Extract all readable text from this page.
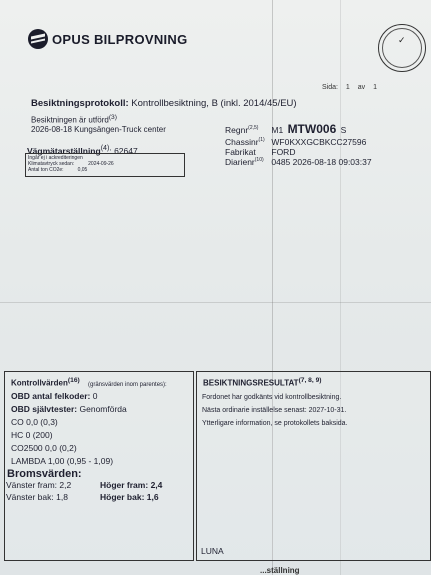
OPUS BILPROVNING	✓
Sida: 1 av 1
Besiktningsprotokoll: Kontrollbesiktning, B (inkl. 2014/45/EU)
Besiktningen är utförd$^{(3)}$
2026-08-18 Kungsängen-Truck center
Vägmätarställning$^{(4)}$: 62647
Ingår ej i ackrediteringen
Klimatavtryck sedan:	2024-09-26
Antal ton CO2e:	0,05
Regnr$^{(2,5)}$ M1 MTW006 S
Chassinr$^{(1)}$ WF0KXXGCBKCC27596
Fabrikat FORD
Diarienr$^{(10)}$ 0485 2026-08-18 09:03:37
Kontrollvärden$^{(16)}$ (gränsvärden inom parentes):
OBD antal felkoder: 0
OBD självtester: Genomförda
CO 0,0 (0,3)
HC 0 (200)
CO2500 0,0 (0,2)
LAMBDA 1,00 (0,95 - 1,09)
Bromsvärden:
Vänster fram: 2,2	Höger fram: 2,4
Vänster bak: 1,8	Höger bak: 1,6
BESIKTNINGSRESULTAT$^{(7, 8, 9)}$
Fordonet har godkänts vid kontrollbesiktning.
Nästa ordinarie inställelse senast: 2027-10-31.
Ytterligare information, se protokollets baksida.
LUNA
...ställning
